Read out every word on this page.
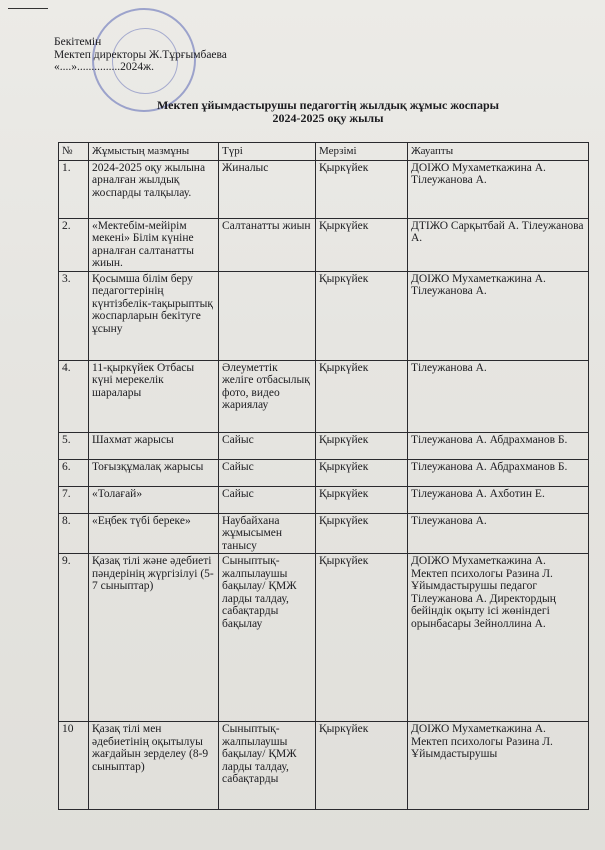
Бекітемін
Мектеп директоры Ж.Тұрғымбаева
«....»...............2024ж.
Мектеп ұйымдастырушы педагогтің жылдық жұмыс жоспары
2024-2025 оқу жылы
№	Жұмыстың мазмұны	Түрі	Мерзімі	Жауапты
1.	2024-2025 оқу жылына арналған жылдық жоспарды талқылау.	Жиналыс	Қыркүйек	ДОІЖО Мухаметкажина А. Тілеужанова А.
2.	«Мектебім-мейірім мекені» Білім күніне арналған салтанатты жиын.	Салтанатты жиын	Қыркүйек	ДТІЖО Сарқытбай А. Тілеужанова А.
3.	Қосымша білім беру педагогтерінің күнтізбелік-тақырыптық жоспарларын бекітуге ұсыну		Қыркүйек	ДОІЖО Мухаметкажина А. Тілеужанова А.
4.	11-қыркүйек Отбасы күні мерекелік шаралары	Әлеуметтік желіге отбасылық фото, видео жариялау	Қыркүйек	Тілеужанова А.
5.	Шахмат жарысы	Сайыс	Қыркүйек	Тілеужанова А. Абдрахманов Б.
6.	Тоғызқұмалақ жарысы	Сайыс	Қыркүйек	Тілеужанова А. Абдрахманов Б.
7.	«Толағай»	Сайыс	Қыркүйек	Тілеужанова А. Ахботин Е.
8.	«Еңбек түбі береке»	Наубайхана жұмысымен танысу	Қыркүйек	Тілеужанова А.
9.	Қазақ тілі және әдебиеті пәндерінің жүргізілуі (5-7 сыныптар)	Сыныптық-жалпылаушы бақылау/ ҚМЖ ларды талдау, сабақтарды бақылау	Қыркүйек	ДОІЖО Мухаметкажина А. Мектеп психологы Разина Л. Ұйымдастырушы педагог Тілеужанова А. Директордың бейіндік оқыту ісі жөніндегі орынбасары Зейноллина А.
10	Қазақ тілі мен әдебиетінің оқытылуы жағдайын зерделеу (8-9 сыныптар)	Сыныптық-жалпылаушы бақылау/ ҚМЖ ларды талдау, сабақтарды	Қыркүйек	ДОІЖО Мухаметкажина А. Мектеп психологы Разина Л. Ұйымдастырушы
